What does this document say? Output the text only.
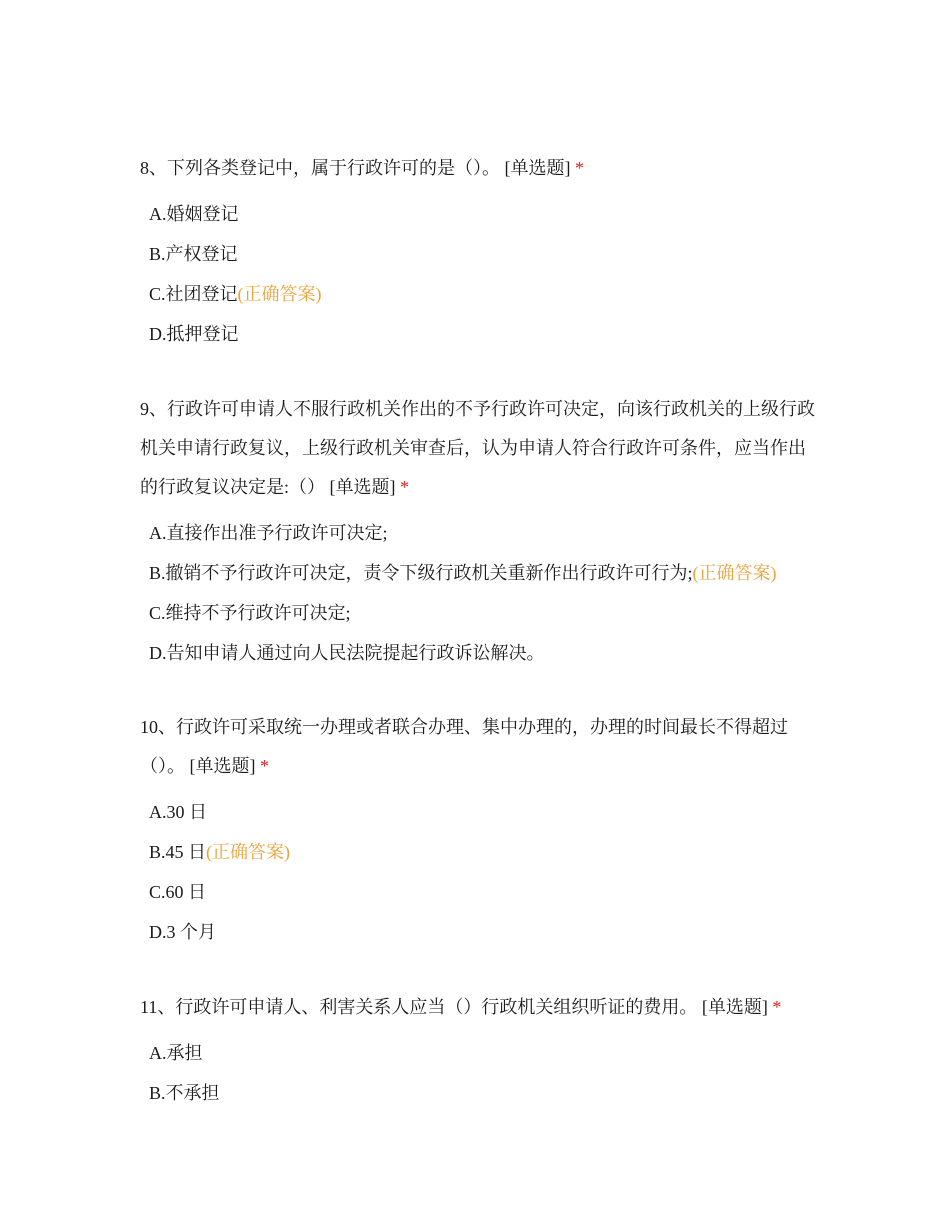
8、下列各类登记中，属于行政许可的是（）。 [单选题] *

A.婚姻登记
B.产权登记
C.社团登记(正确答案)
D.抵押登记

9、行政许可申请人不服行政机关作出的不予行政许可决定，向该行政机关的上级行政机关申请行政复议，上级行政机关审查后，认为申请人符合行政许可条件，应当作出的行政复议决定是:（） [单选题] *

A.直接作出准予行政许可决定;
B.撤销不予行政许可决定，责令下级行政机关重新作出行政许可行为;(正确答案)
C.维持不予行政许可决定;
D.告知申请人通过向人民法院提起行政诉讼解决。

10、行政许可采取统一办理或者联合办理、集中办理的，办理的时间最长不得超过（）。 [单选题] *

A.30 日
B.45 日(正确答案)
C.60 日
D.3 个月

11、行政许可申请人、利害关系人应当（）行政机关组织听证的费用。 [单选题] *

A.承担
B.不承担
